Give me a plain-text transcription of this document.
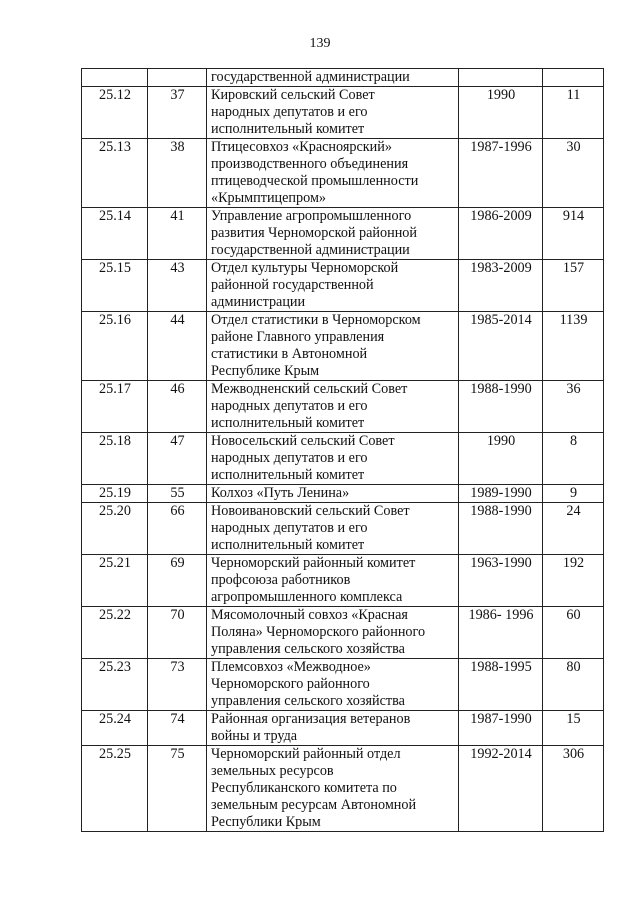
139

		государственной администрации		

25.12	37	Кировский сельский Совет
народных депутатов и его
исполнительный комитет	1990	11
25.13	38	Птицесовхоз «Красноярский»
производственного объединения
птицеводческой промышленности
«Крымптицепром»	1987-1996	30
25.14	41	Управление агропромышленного
развития Черноморской районной
государственной администрации	1986-2009	914
25.15	43	Отдел культуры Черноморской
районной государственной
администрации	1983-2009	157
25.16	44	Отдел статистики в Черноморском
районе Главного управления
статистики в Автономной
Республике Крым	1985-2014	1139
25.17	46	Межводненский сельский Совет
народных депутатов и его
исполнительный комитет	1988-1990	36
25.18	47	Новосельский сельский Совет
народных депутатов и его
исполнительный комитет	1990	8
25.19	55	Колхоз «Путь Ленина»	1989-1990	9
25.20	66	Новоивановский сельский Совет
народных депутатов и его
исполнительный комитет	1988-1990	24
25.21	69	Черноморский районный комитет
профсоюза работников
агропромышленного комплекса	1963-1990	192
25.22	70	Мясомолочный совхоз «Красная
Поляна» Черноморского районного
управления сельского хозяйства	1986- 1996	60
25.23	73	Племсовхоз «Межводное»
Черноморского районного
управления сельского хозяйства	1988-1995	80
25.24	74	Районная организация ветеранов
войны и труда	1987-1990	15
25.25	75	Черноморский районный отдел
земельных ресурсов
Республиканского комитета по
земельным ресурсам Автономной
Республики Крым	1992-2014	306
